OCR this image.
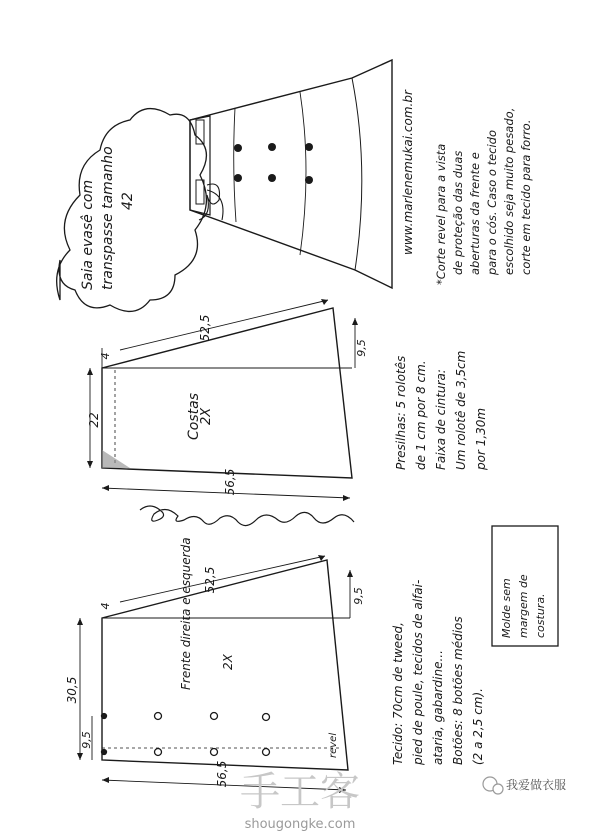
Saia evasê com transpasse tamanho 42	www.marlenemukai.com.br *Corte revel para a vista de proteção das duas aberturas da frente e para o cós. Caso o tecido escolhido seja muito pesado, corte em tecido para forro.
52,5
56,5
22
9,5
4
Costas
2X
52,5
56,5
30,5
9,5
9,5
4	Frente direita e esquerda 2X
revel
Presilhas: 5 rolotês de 1 cm por 8 cm. Faixa de cintura: Um rolotê de 3,5cm por 1,30m
Tecido: 70cm de tweed, pied de poule, tecidos de alfai- ataria, gabardine... Botões: 8 botões médios (2 a 2,5 cm).
Molde sem margem de costura.
手工客
shougongke.com
我爱做衣服
